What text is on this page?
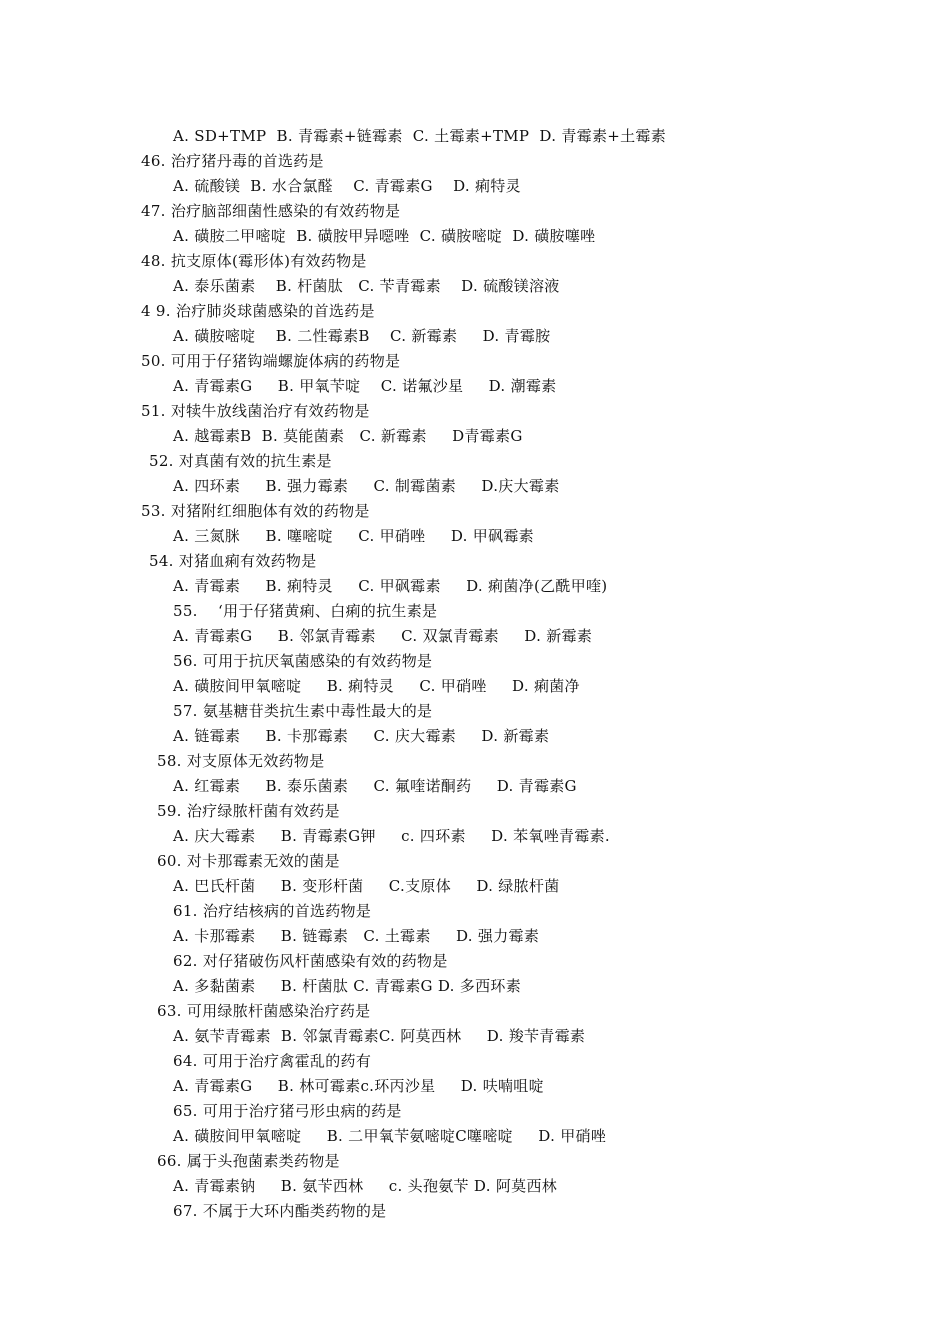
A. SD+TMP  B. 青霉素+链霉素  C. 土霉素+TMP  D. 青霉素+土霉素
46. 治疗猪丹毒的首选药是
A. 硫酸镁  B. 水合氯醛    C. 青霉素G    D. 痢特灵
47. 治疗脑部细菌性感染的有效药物是
A. 磺胺二甲嘧啶  B. 磺胺甲异噁唑  C. 磺胺嘧啶  D. 磺胺噻唑
48. 抗支原体(霉形体)有效药物是
A. 泰乐菌素    B. 杆菌肽   C. 苄青霉素    D. 硫酸镁溶液
4 9. 治疗肺炎球菌感染的首选药是
A. 磺胺嘧啶    B. 二性霉素B    C. 新霉素     D. 青霉胺
50. 可用于仔猪钩端螺旋体病的药物是
A. 青霉素G     B. 甲氧苄啶    C. 诺氟沙星     D. 潮霉素
51. 对犊牛放线菌治疗有效药物是
A. 越霉素B  B. 莫能菌素   C. 新霉素     D青霉素G
52. 对真菌有效的抗生素是
A. 四环素     B. 强力霉素     C. 制霉菌素     D.庆大霉素
53. 对猪附红细胞体有效的药物是
A. 三氮脒     B. 噻嘧啶     C. 甲硝唑     D. 甲砜霉素
54. 对猪血痢有效药物是
A. 青霉素     B. 痢特灵     C. 甲砜霉素     D. 痢菌净(乙酰甲喹)
55.    ‘用于仔猪黄痢、白痢的抗生素是
A. 青霉素G     B. 邻氯青霉素     C. 双氯青霉素     D. 新霉素
56. 可用于抗厌氧菌感染的有效药物是
A. 磺胺间甲氧嘧啶     B. 痢特灵     C. 甲硝唑     D. 痢菌净
57. 氨基糖苷类抗生素中毒性最大的是
A. 链霉素     B. 卡那霉素     C. 庆大霉素     D. 新霉素
58. 对支原体无效药物是
A. 红霉素     B. 泰乐菌素     C. 氟喹诺酮药     D. 青霉素G
59. 治疗绿脓杆菌有效药是
A. 庆大霉素     B. 青霉素G钾     c. 四环素     D. 苯氧唑青霉素.
60. 对卡那霉素无效的菌是
A. 巴氏杆菌     B. 变形杆菌     C.支原体     D. 绿脓杆菌
61. 治疗结核病的首选药物是
A. 卡那霉素     B. 链霉素   C. 土霉素     D. 强力霉素
62. 对仔猪破伤风杆菌感染有效的药物是
A. 多黏菌素     B. 杆菌肽 C. 青霉素G D. 多西环素
63. 可用绿脓杆菌感染治疗药是
A. 氨苄青霉素  B. 邻氯青霉素C. 阿莫西林     D. 羧苄青霉素
64. 可用于治疗禽霍乱的药有
A. 青霉素G     B. 林可霉素c.环丙沙星     D. 呋喃咀啶
65. 可用于治疗猪弓形虫病的药是
A. 磺胺间甲氧嘧啶     B. 二甲氧苄氨嘧啶C噻嘧啶     D. 甲硝唑
66. 属于头孢菌素类药物是
A. 青霉素钠     B. 氨苄西林     c. 头孢氨苄 D. 阿莫西林
67. 不属于大环内酯类药物的是
